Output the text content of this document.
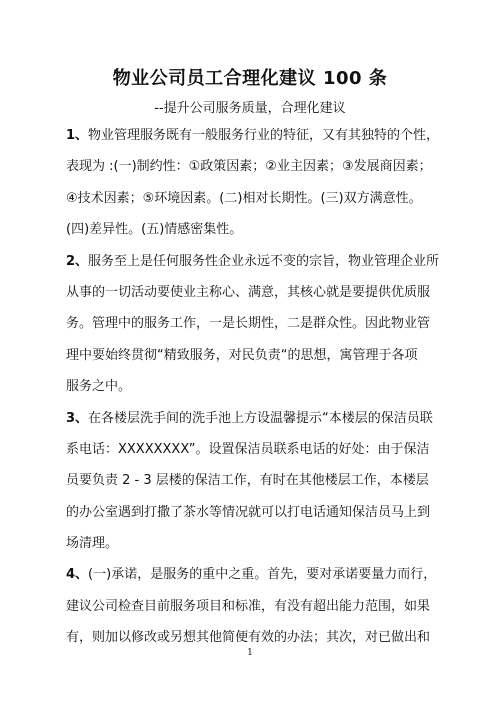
物业公司员工合理化建议 100 条

--提升公司服务质量，合理化建议

1、物业管理服务既有一般服务行业的特征，又有其独特的个性，
表现为 :(一)制约性：①政策因素；②业主因素；③发展商因素；
④技术因素；⑤环境因素。(二)相对长期性。(三)双方满意性。
(四)差异性。(五)情感密集性。
2、服务至上是任何服务性企业永远不变的宗旨，物业管理企业所
从事的一切活动要使业主称心、满意，其核心就是要提供优质服
务。管理中的服务工作，一是长期性，二是群众性。因此物业管
理中要始终贯彻“精致服务，对民负责“的思想，寓管理于各项
服务之中。
3、在各楼层洗手间的洗手池上方设温馨提示“本楼层的保洁员联
系电话：XXXXXXXX”。设置保洁员联系电话的好处：由于保洁
员要负责 2 - 3 层楼的保洁工作，有时在其他楼层工作，本楼层
的办公室遇到打撒了茶水等情况就可以打电话通知保洁员马上到
场清理。
4、(一)承诺，是服务的重中之重。首先，要对承诺要量力而行，
建议公司检查目前服务项目和标准，有没有超出能力范围，如果
有，则加以修改或另想其他简便有效的办法；其次，对已做出和

1
